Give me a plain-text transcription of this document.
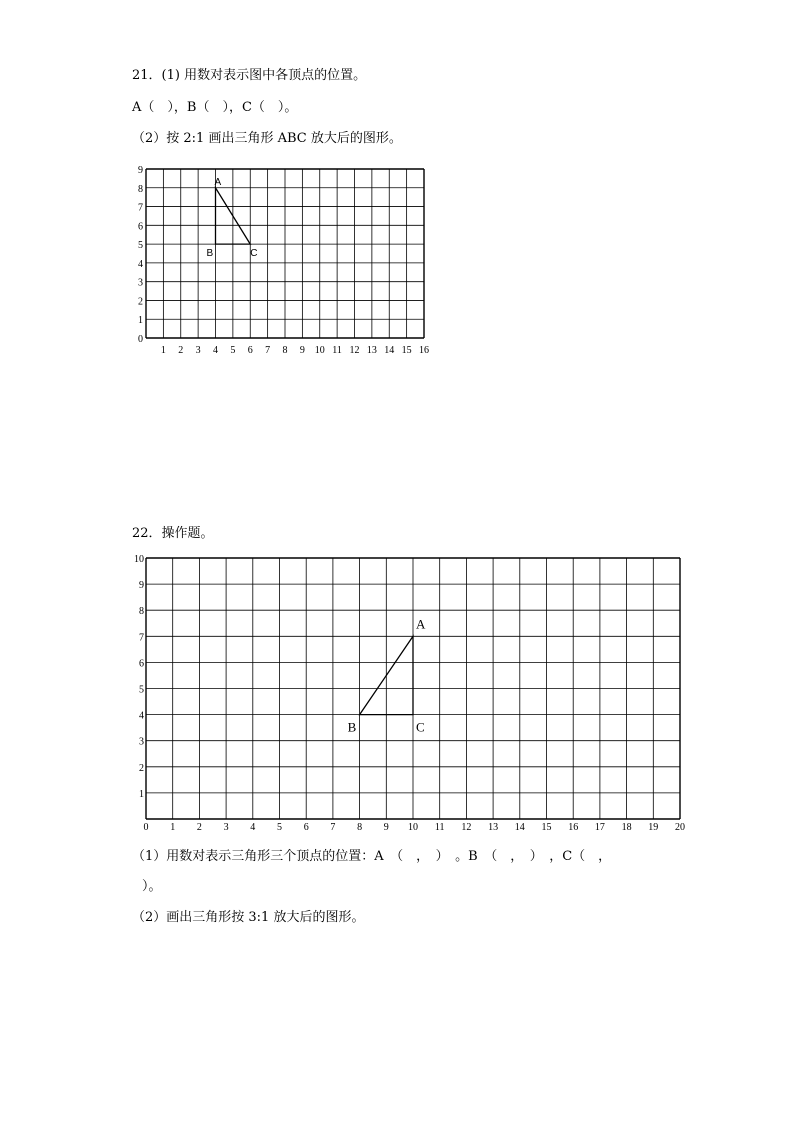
21．(1) 用数对表示图中各顶点的位置。
A（　），B（　），C（　）。
（2）按 2:1 画出三角形 ABC 放大后的图形。
1 2 3 4 5 6 7 8 9 10 11 12 13 14 15 16
0
1
2
3
4
5
6
7
8
9
A
B	C
22．操作题。
0 1 2 3 4 5 6 7 8 9 10 11 12 13 14 15 16 17 18 19 20
1
2
3
4
5
6
7
8
9
10
A
B	C
（1）用数对表示三角形三个顶点的位置：A　（　，　）　。B　（　，　）　，C（　，
）。
（2）画出三角形按 3:1 放大后的图形。
